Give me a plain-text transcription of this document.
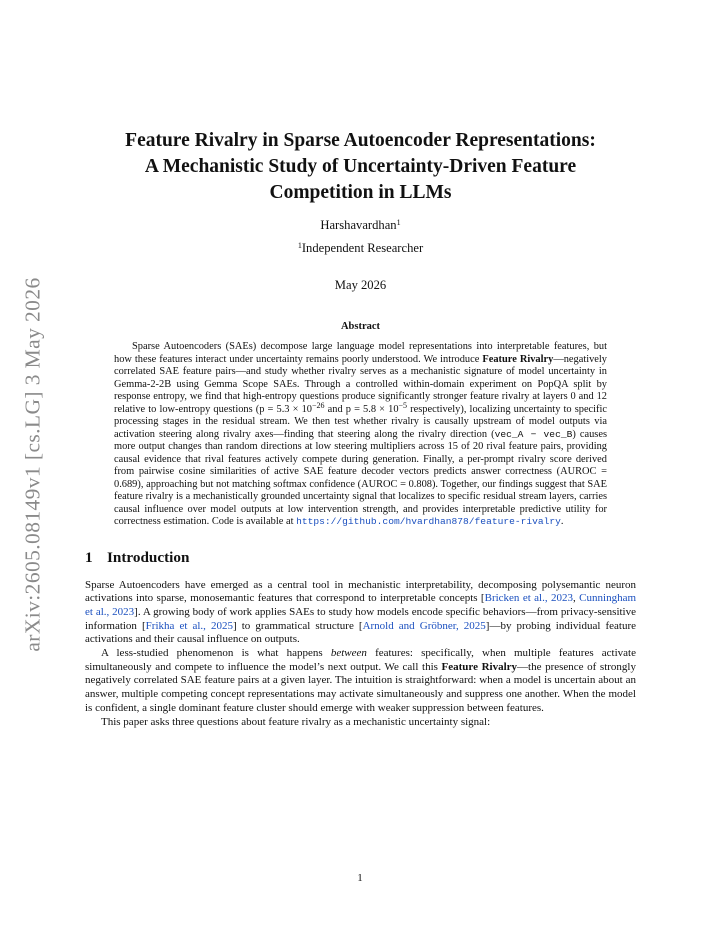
arXiv:2605.08149v1 [cs.LG] 3 May 2026
Feature Rivalry in Sparse Autoencoder Representations:
A Mechanistic Study of Uncertainty-Driven Feature
Competition in LLMs
Harshavardhan$^1$
$^1$Independent Researcher
May 2026
Abstract
Sparse Autoencoders (SAEs) decompose large language model representations into interpretable features, but how these features interact under uncertainty remains poorly understood. We introduce Feature Rivalry—negatively correlated SAE feature pairs—and study whether rivalry serves as a mechanistic signature of model uncertainty in Gemma-2-2B using Gemma Scope SAEs. Through a controlled within-domain experiment on PopQA split by response entropy, we find that high-entropy questions produce significantly stronger feature rivalry at layers 0 and 12 relative to low-entropy questions ($p = 5.3 \times 10^{-26}$ and $p = 5.8 \times 10^{-5}$ respectively), localizing uncertainty to specific processing stages in the residual stream. We then test whether rivalry is causally upstream of model outputs via activation steering along rivalry axes—finding that steering along the rivalry direction (vec_A − vec_B) causes more output changes than random directions at low steering multipliers across 15 of 20 rival feature pairs, providing causal evidence that rival features actively compete during generation. Finally, a per-prompt rivalry score derived from pairwise cosine similarities of active SAE feature decoder vectors predicts answer correctness (AUROC = 0.689), approaching but not matching softmax confidence (AUROC = 0.808). Together, our findings suggest that SAE feature rivalry is a mechanistically grounded uncertainty signal that localizes to specific residual stream layers, carries causal influence over model outputs at low intervention strength, and provides interpretable predictive utility for correctness estimation. Code is available at https://github.com/hvardhan878/feature-rivalry.
1 Introduction

Sparse Autoencoders have emerged as a central tool in mechanistic interpretability, decomposing polysemantic neuron activations into sparse, monosemantic features that correspond to interpretable concepts [Bricken et al., 2023, Cunningham et al., 2023]. A growing body of work applies SAEs to study how models encode specific behaviors—from privacy-sensitive information [Frikha et al., 2025] to grammatical structure [Arnold and Gröbner, 2025]—by probing individual feature activations and their causal influence on outputs.

A less-studied phenomenon is what happens between features: specifically, when multiple features activate simultaneously and compete to influence the model’s next output. We call this Feature Rivalry—the presence of strongly negatively correlated SAE feature pairs at a given layer. The intuition is straightforward: when a model is uncertain about an answer, multiple competing concept representations may activate simultaneously and suppress one another. When the model is confident, a single dominant feature cluster should emerge with weaker suppression between features.

This paper asks three questions about feature rivalry as a mechanistic uncertainty signal:

1
